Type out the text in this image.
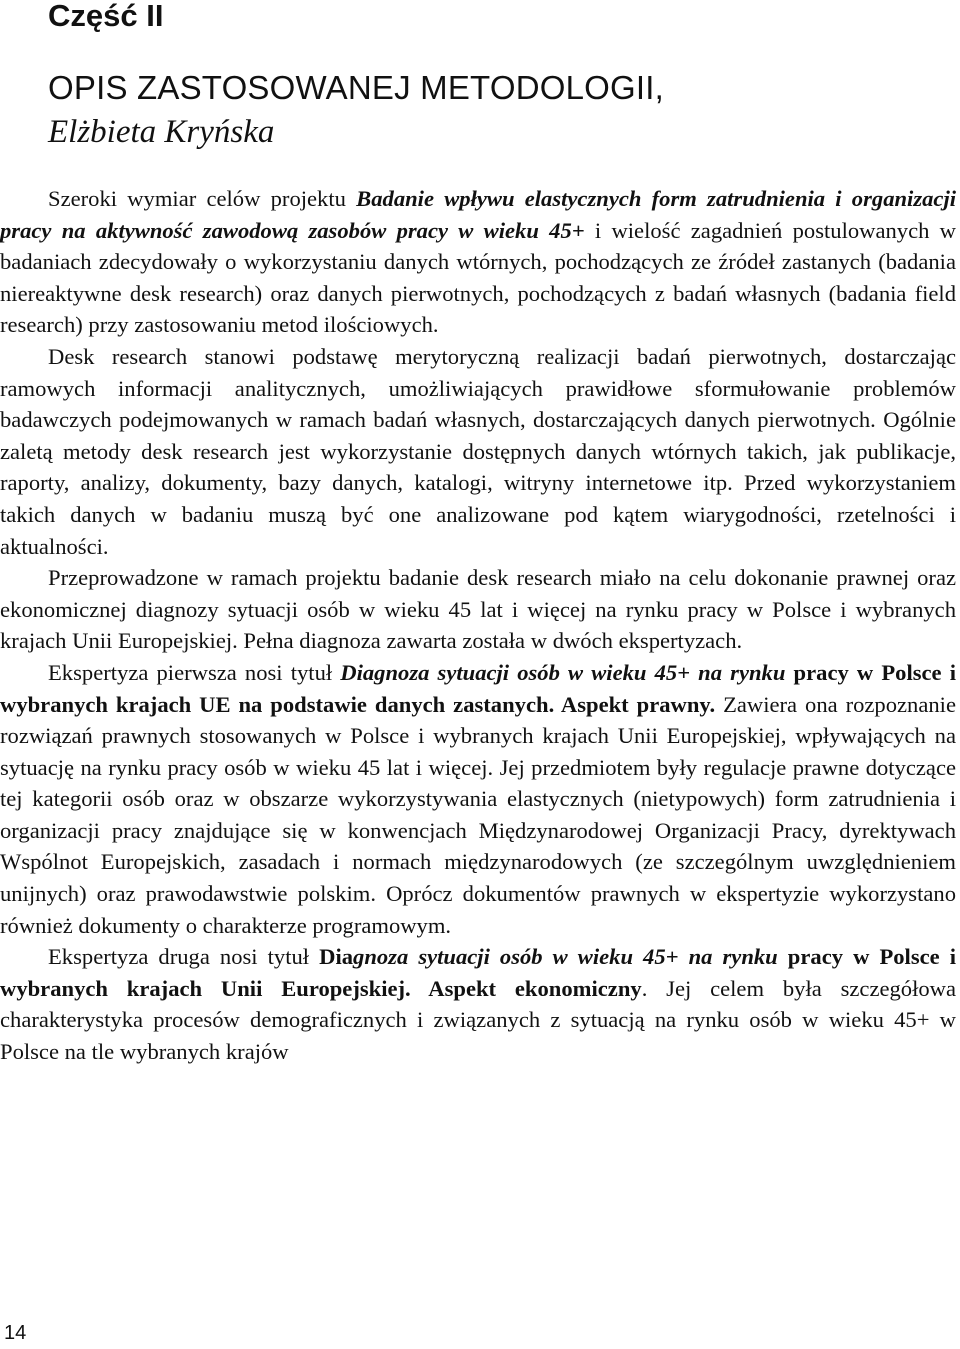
Część II
OPIS ZASTOSOWANEJ METODOLOGII,
Elżbieta Kryńska

Szeroki wymiar celów projektu Badanie wpływu elastycznych form zatrudnienia i organizacji pracy na aktywność zawodową zasobów pracy w wieku 45+ i wielość zagadnień postulowanych w badaniach zdecydowały o wykorzystaniu danych wtórnych, pochodzących ze źródeł zastanych (badania niereaktywne desk research) oraz danych pierwotnych, pochodzących z badań własnych (badania field research) przy zastosowaniu metod ilościowych.

Desk research stanowi podstawę merytoryczną realizacji badań pierwotnych, dostarczając ramowych informacji analitycznych, umożliwiających prawidłowe sformułowanie problemów badawczych podejmowanych w ramach badań własnych, dostarczających danych pierwotnych. Ogólnie zaletą metody desk research jest wykorzystanie dostępnych danych wtórnych takich, jak publikacje, raporty, analizy, dokumenty, bazy danych, katalogi, witryny internetowe itp. Przed wykorzystaniem takich danych w badaniu muszą być one analizowane pod kątem wiarygodności, rzetelności i aktualności.

Przeprowadzone w ramach projektu badanie desk research miało na celu dokonanie prawnej oraz ekonomicznej diagnozy sytuacji osób w wieku 45 lat i więcej na rynku pracy w Polsce i wybranych krajach Unii Europejskiej. Pełna diagnoza zawarta została w dwóch ekspertyzach.

Ekspertyza pierwsza nosi tytuł Diagnoza sytuacji osób w wieku 45+ na rynku pracy w Polsce i wybranych krajach UE na podstawie danych zastanych. Aspekt prawny. Zawiera ona rozpoznanie rozwiązań prawnych stosowanych w Polsce i wybranych krajach Unii Europejskiej, wpływających na sytuację na rynku pracy osób w wieku 45 lat i więcej. Jej przedmiotem były regulacje prawne dotyczące tej kategorii osób oraz w obszarze wykorzystywania elastycznych (nietypowych) form zatrudnienia i organizacji pracy znajdujące się w konwencjach Międzynarodowej Organizacji Pracy, dyrektywach Wspólnot Europejskich, zasadach i normach międzynarodowych (ze szczególnym uwzględnieniem unijnych) oraz prawodawstwie polskim. Oprócz dokumentów prawnych w ekspertyzie wykorzystano również dokumenty o charakterze programowym.

Ekspertyza druga nosi tytuł Diagnoza sytuacji osób w wieku 45+ na rynku pracy w Polsce i wybranych krajach Unii Europejskiej. Aspekt ekonomiczny. Jej celem była szczegółowa charakterystyka procesów demograficznych i związanych z sytuacją na rynku osób w wieku 45+ w Polsce na tle wybranych krajów

14
